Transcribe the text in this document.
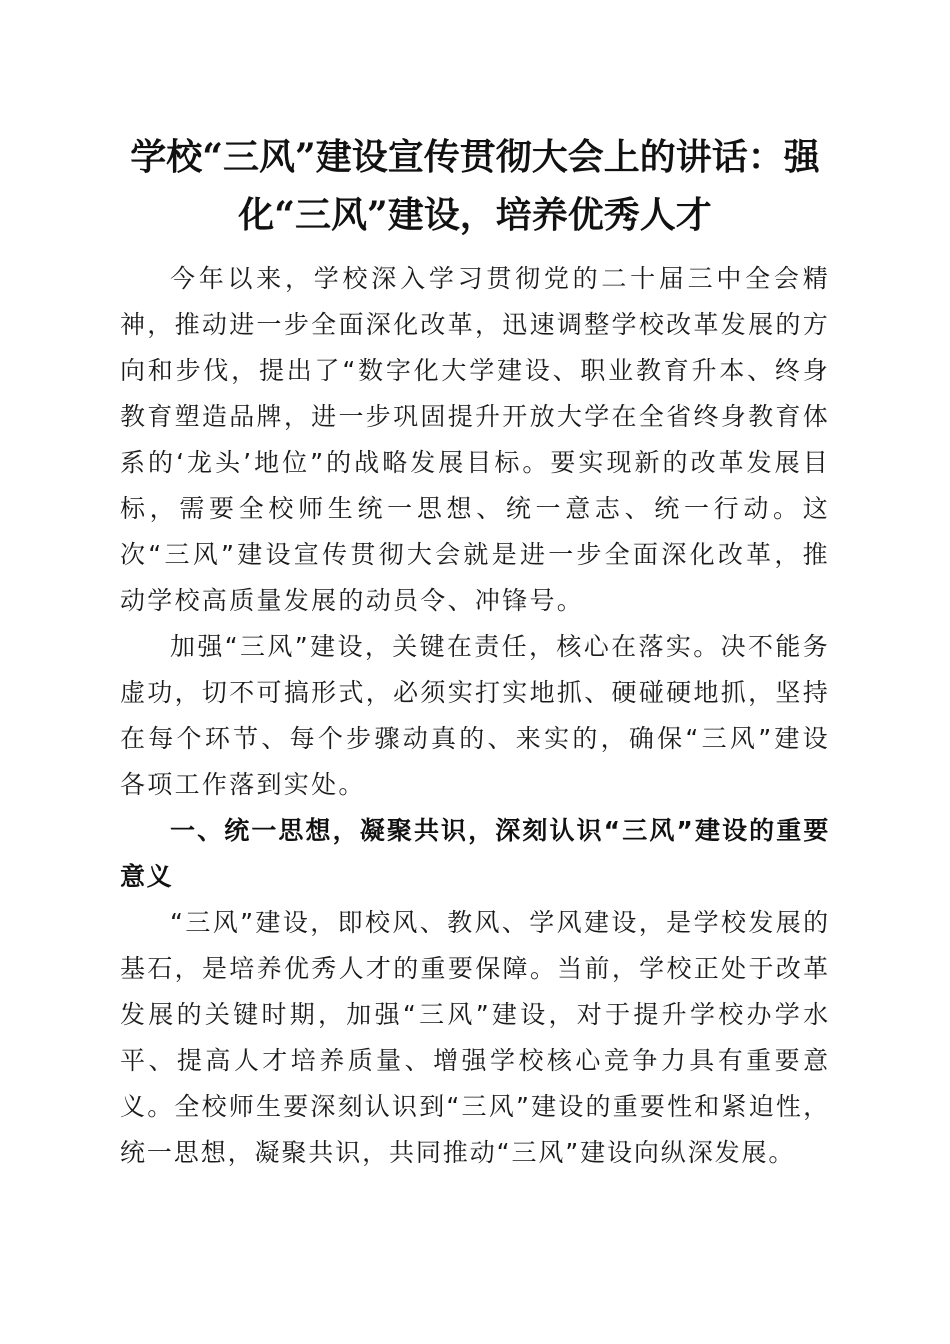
学校“三风”建设宣传贯彻大会上的讲话：强
化“三风”建设，培养优秀人才

今年以来，学校深入学习贯彻党的二十届三中全会精神，推动进一步全面深化改革，迅速调整学校改革发展的方向和步伐，提出了“数字化大学建设、职业教育升本、终身教育塑造品牌，进一步巩固提升开放大学在全省终身教育体系的‘龙头’地位”的战略发展目标。要实现新的改革发展目标，需要全校师生统一思想、统一意志、统一行动。这次“三风”建设宣传贯彻大会就是进一步全面深化改革，推动学校高质量发展的动员令、冲锋号。

加强“三风”建设，关键在责任，核心在落实。决不能务虚功，切不可搞形式，必须实打实地抓、硬碰硬地抓，坚持在每个环节、每个步骤动真的、来实的，确保“三风”建设各项工作落到实处。

一、统一思想，凝聚共识，深刻认识“三风”建设的重要意义

“三风”建设，即校风、教风、学风建设，是学校发展的基石，是培养优秀人才的重要保障。当前，学校正处于改革发展的关键时期，加强“三风”建设，对于提升学校办学水平、提高人才培养质量、增强学校核心竞争力具有重要意义。全校师生要深刻认识到“三风”建设的重要性和紧迫性，统一思想，凝聚共识，共同推动“三风”建设向纵深发展。
